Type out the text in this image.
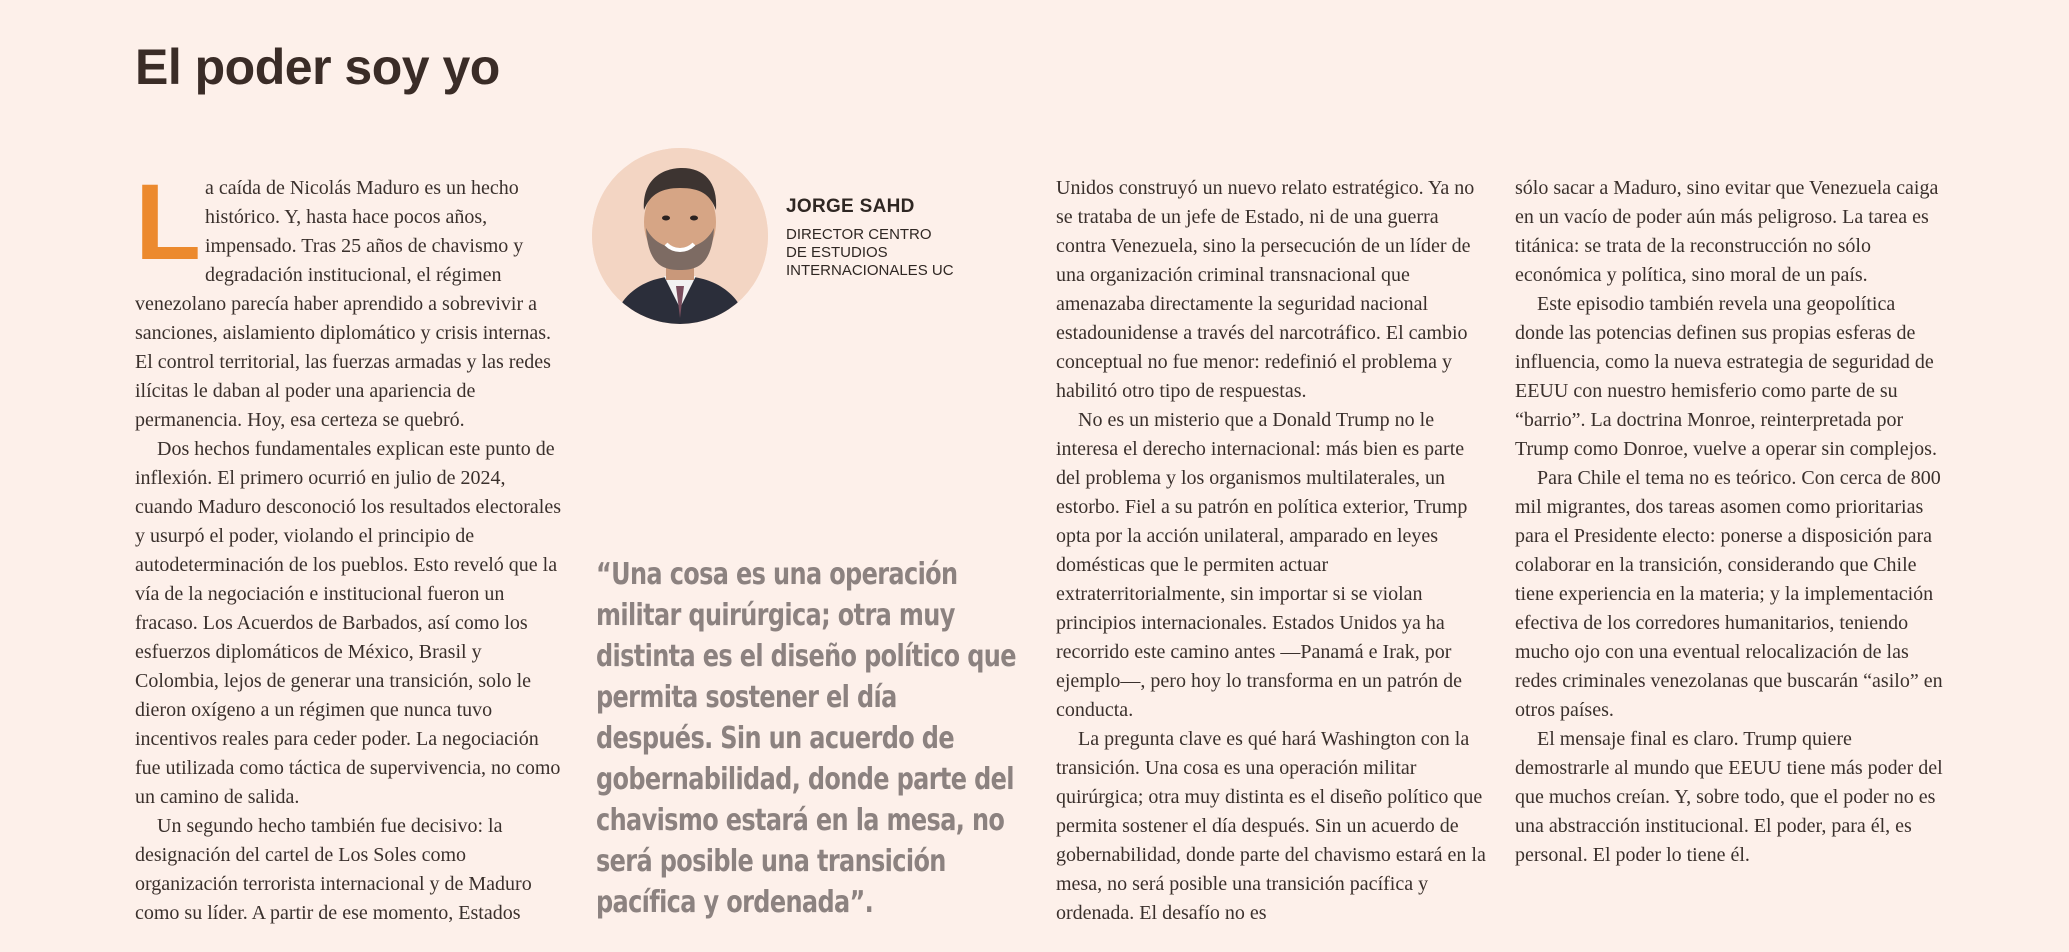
El poder soy yo

La caída de Nicolás Maduro es un hecho histórico. Y, hasta hace pocos años, impensado. Tras 25 años de chavismo y degradación institucional, el régimen venezolano parecía haber aprendido a sobrevivir a sanciones, aislamiento diplomático y crisis internas. El control territorial, las fuerzas armadas y las redes ilícitas le daban al poder una apariencia de permanencia. Hoy, esa certeza se quebró.

Dos hechos fundamentales explican este punto de inflexión. El primero ocurrió en julio de 2024, cuando Maduro desconoció los resultados electorales y usurpó el poder, violando el principio de autodeterminación de los pueblos. Esto reveló que la vía de la negociación e institucional fueron un fracaso. Los Acuerdos de Barbados, así como los esfuerzos diplomáticos de México, Brasil y Colombia, lejos de generar una transición, solo le dieron oxígeno a un régimen que nunca tuvo incentivos reales para ceder poder. La negociación fue utilizada como táctica de supervivencia, no como un camino de salida.

Un segundo hecho también fue decisivo: la designación del cartel de Los Soles como organización terrorista internacional y de Maduro como su líder. A partir de ese momento, Estados

JORGE SAHD
DIRECTOR CENTRO
DE ESTUDIOS
INTERNACIONALES UC
“Una cosa es una operación militar quirúrgica; otra muy distinta es el diseño político que permita sostener el día después. Sin un acuerdo de gobernabilidad, donde parte del chavismo estará en la mesa, no será posible una transición pacífica y ordenada”.

Unidos construyó un nuevo relato estratégico. Ya no se trataba de un jefe de Estado, ni de una guerra contra Venezuela, sino la persecución de un líder de una organización criminal transnacional que amenazaba directamente la seguridad nacional estadounidense a través del narcotráfico. El cambio conceptual no fue menor: redefinió el problema y habilitó otro tipo de respuestas.

No es un misterio que a Donald Trump no le interesa el derecho internacional: más bien es parte del problema y los organismos multilaterales, un estorbo. Fiel a su patrón en política exterior, Trump opta por la acción unilateral, amparado en leyes domésticas que le permiten actuar extraterritorialmente, sin importar si se violan principios internacionales. Estados Unidos ya ha recorrido este camino antes —Panamá e Irak, por ejemplo—, pero hoy lo transforma en un patrón de conducta.

La pregunta clave es qué hará Washington con la transición. Una cosa es una operación militar quirúrgica; otra muy distinta es el diseño político que permita sostener el día después. Sin un acuerdo de gobernabilidad, donde parte del chavismo estará en la mesa, no será posible una transición pacífica y ordenada. El desafío no es

sólo sacar a Maduro, sino evitar que Venezuela caiga en un vacío de poder aún más peligroso. La tarea es titánica: se trata de la reconstrucción no sólo económica y política, sino moral de un país.

Este episodio también revela una geopolítica donde las potencias definen sus propias esferas de influencia, como la nueva estrategia de seguridad de EEUU con nuestro hemisferio como parte de su “barrio”. La doctrina Monroe, reinterpretada por Trump como Donroe, vuelve a operar sin complejos.

Para Chile el tema no es teórico. Con cerca de 800 mil migrantes, dos tareas asomen como prioritarias para el Presidente electo: ponerse a disposición para colaborar en la transición, considerando que Chile tiene experiencia en la materia; y la implementación efectiva de los corredores humanitarios, teniendo mucho ojo con una eventual relocalización de las redes criminales venezolanas que buscarán “asilo” en otros países.

El mensaje final es claro. Trump quiere demostrarle al mundo que EEUU tiene más poder del que muchos creían. Y, sobre todo, que el poder no es una abstracción institucional. El poder, para él, es personal. El poder lo tiene él.
